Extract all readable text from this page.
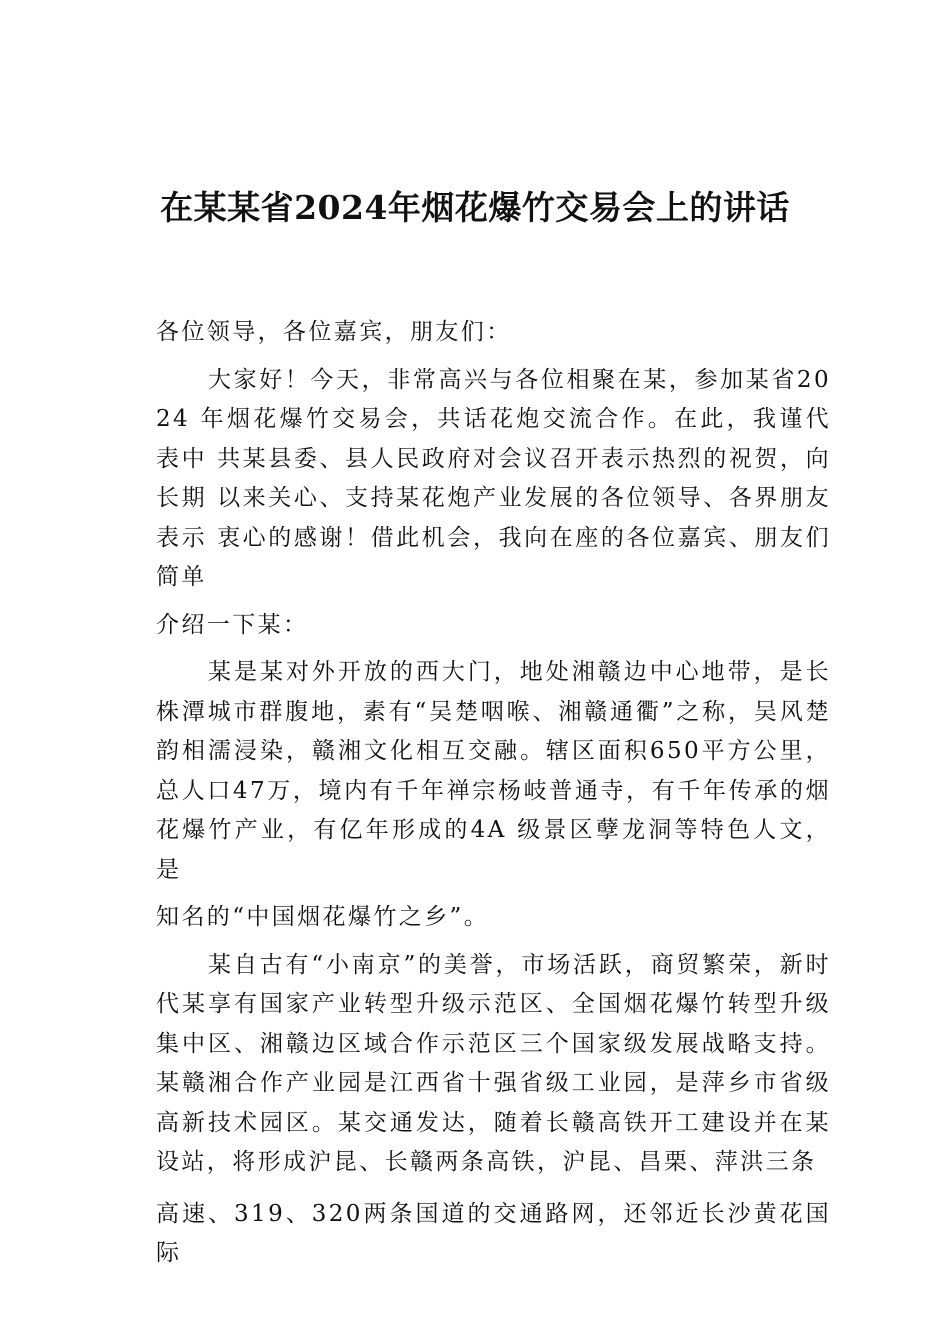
在某某省2024年烟花爆竹交易会上的讲话

各位领导，各位嘉宾，朋友们：

大家好！今天，非常高兴与各位相聚在某，参加某省2024 年烟花爆竹交易会，共话花炮交流合作。在此，我谨代表中 共某县委、县人民政府对会议召开表示热烈的祝贺，向长期 以来关心、支持某花炮产业发展的各位领导、各界朋友表示 衷心的感谢！借此机会，我向在座的各位嘉宾、朋友们简单

介绍一下某：

某是某对外开放的西大门，地处湘赣边中心地带，是长株潭城市群腹地，素有“吴楚咽喉、湘赣通衢”之称，吴风楚韵相濡浸染，赣湘文化相互交融。辖区面积650平方公里， 总人口47万，境内有千年禅宗杨岐普通寺，有千年传承的烟 花爆竹产业，有亿年形成的4A 级景区孽龙洞等特色人文，是

知名的“中国烟花爆竹之乡”。

某自古有“小南京”的美誉，市场活跃，商贸繁荣，新时代某享有国家产业转型升级示范区、全国烟花爆竹转型升级集中区、湘赣边区域合作示范区三个国家级发展战略支持。某赣湘合作产业园是江西省十强省级工业园，是萍乡市省级高新技术园区。某交通发达，随着长赣高铁开工建设并在某设站，将形成沪昆、长赣两条高铁，沪昆、昌栗、萍洪三条

高速、319、320两条国道的交通路网，还邻近长沙黄花国际
